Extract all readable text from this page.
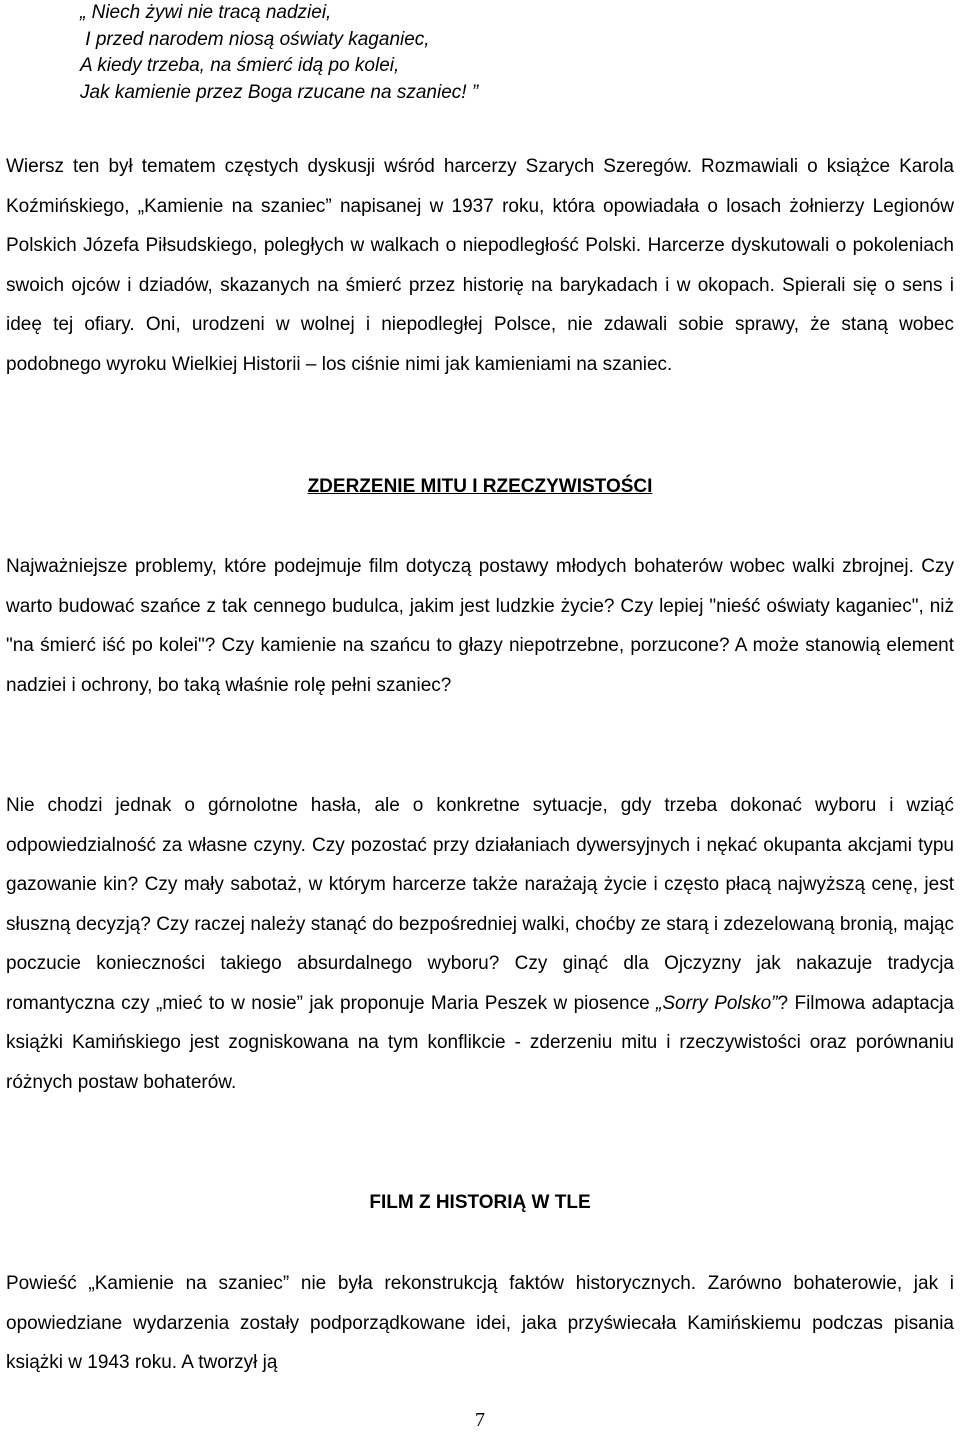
„ Niech żywi nie tracą nadziei,
I przed narodem niosą oświaty kaganiec,
A kiedy trzeba, na śmierć idą po kolei,
Jak kamienie przez Boga rzucane na szaniec! ”

Wiersz ten był tematem częstych dyskusji wśród harcerzy Szarych Szeregów. Rozmawiali o książce Karola Koźmińskiego, „Kamienie na szaniec” napisanej w 1937 roku, która opowiadała o losach żołnierzy Legionów Polskich Józefa Piłsudskiego, poległych w walkach o niepodległość Polski. Harcerze dyskutowali o pokoleniach swoich ojców i dziadów, skazanych na śmierć przez historię na barykadach i w okopach. Spierali się o sens i ideę tej ofiary. Oni, urodzeni w wolnej i niepodległej Polsce, nie zdawali sobie sprawy, że staną wobec podobnego wyroku Wielkiej Historii – los ciśnie nimi jak kamieniami na szaniec.

ZDERZENIE MITU I RZECZYWISTOŚCI

Najważniejsze problemy, które podejmuje film dotyczą postawy młodych bohaterów wobec walki zbrojnej. Czy warto budować szańce z tak cennego budulca, jakim jest ludzkie życie? Czy lepiej "nieść oświaty kaganiec", niż "na śmierć iść po kolei"? Czy kamienie na szańcu to głazy niepotrzebne, porzucone? A może stanowią element nadziei i ochrony, bo taką właśnie rolę pełni szaniec?

Nie chodzi jednak o górnolotne hasła, ale o konkretne sytuacje, gdy trzeba dokonać wyboru i wziąć odpowiedzialność za własne czyny. Czy pozostać przy działaniach dywersyjnych i nękać okupanta akcjami typu gazowanie kin? Czy mały sabotaż, w którym harcerze także narażają życie i często płacą najwyższą cenę, jest słuszną decyzją? Czy raczej należy stanąć do bezpośredniej walki, choćby ze starą i zdezelowaną bronią, mając poczucie konieczności takiego absurdalnego wyboru? Czy ginąć dla Ojczyzny jak nakazuje tradycja romantyczna czy „mieć to w nosie” jak proponuje Maria Peszek w piosence „Sorry Polsko”? Filmowa adaptacja książki Kamińskiego jest zogniskowana na tym konflikcie - zderzeniu mitu i rzeczywistości oraz porównaniu różnych postaw bohaterów.

FILM Z HISTORIĄ W TLE

Powieść „Kamienie na szaniec” nie była rekonstrukcją faktów historycznych. Zarówno bohaterowie, jak i opowiedziane wydarzenia zostały podporządkowane idei, jaka przyświecała Kamińskiemu podczas pisania książki w 1943 roku. A tworzył ją

7
